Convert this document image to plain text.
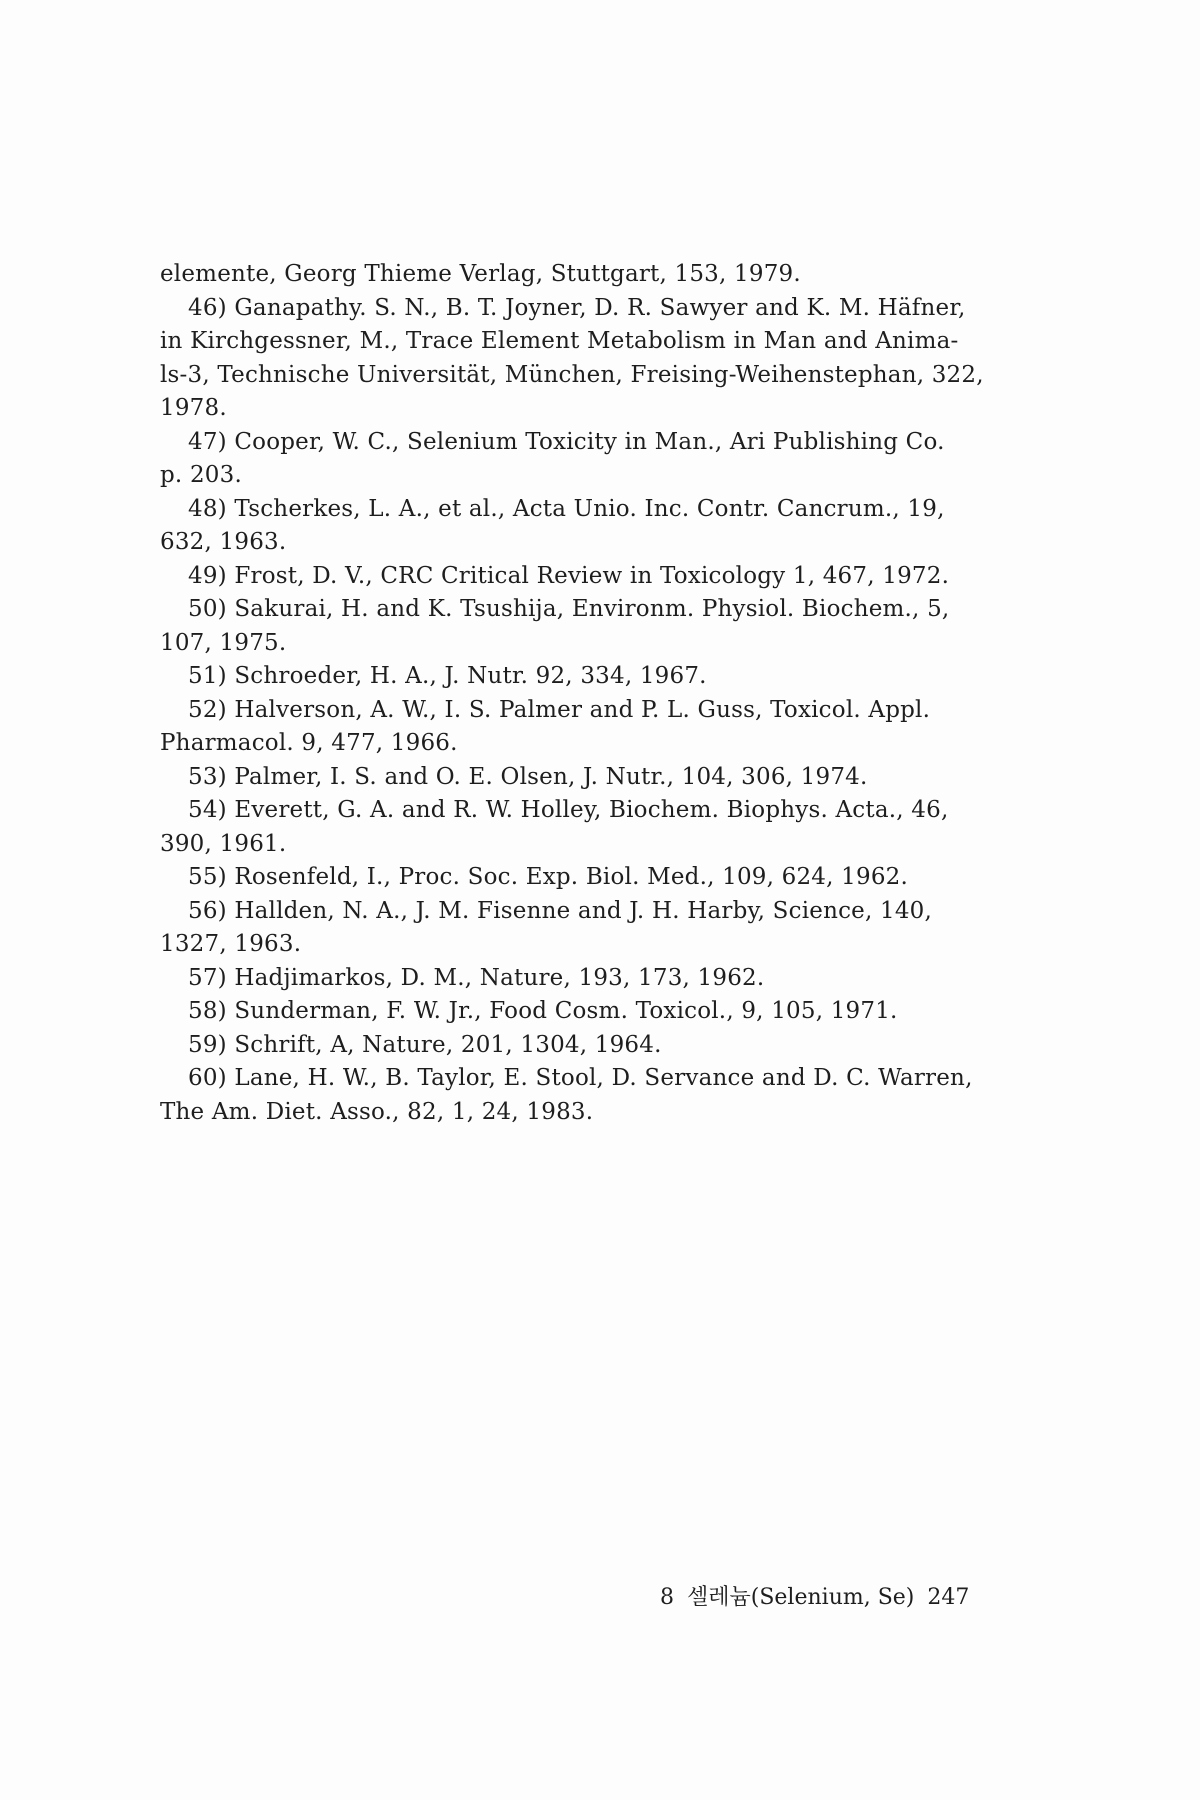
elemente, Georg Thieme Verlag, Stuttgart, 153, 1979.
46) Ganapathy. S. N., B. T. Joyner, D. R. Sawyer and K. M. Häfner,
in Kirchgessner, M., Trace Element Metabolism in Man and Anima-
ls-3, Technische Universität, München, Freising-Weihenstephan, 322,
1978.
47) Cooper, W. C., Selenium Toxicity in Man., Ari Publishing Co.
p. 203.
48) Tscherkes, L. A., et al., Acta Unio. Inc. Contr. Cancrum., 19,
632, 1963.
49) Frost, D. V., CRC Critical Review in Toxicology 1, 467, 1972.
50) Sakurai, H. and K. Tsushija, Environm. Physiol. Biochem., 5,
107, 1975.
51) Schroeder, H. A., J. Nutr. 92, 334, 1967.
52) Halverson, A. W., I. S. Palmer and P. L. Guss, Toxicol. Appl.
Pharmacol. 9, 477, 1966.
53) Palmer, I. S. and O. E. Olsen, J. Nutr., 104, 306, 1974.
54) Everett, G. A. and R. W. Holley, Biochem. Biophys. Acta., 46,
390, 1961.
55) Rosenfeld, I., Proc. Soc. Exp. Biol. Med., 109, 624, 1962.
56) Hallden, N. A., J. M. Fisenne and J. H. Harby, Science, 140,
1327, 1963.
57) Hadjimarkos, D. M., Nature, 193, 173, 1962.
58) Sunderman, F. W. Jr., Food Cosm. Toxicol., 9, 105, 1971.
59) Schrift, A, Nature, 201, 1304, 1964.
60) Lane, H. W., B. Taylor, E. Stool, D. Servance and D. C. Warren,
The Am. Diet. Asso., 82, 1, 24, 1983.
8 셀레늄(Selenium, Se) 247
